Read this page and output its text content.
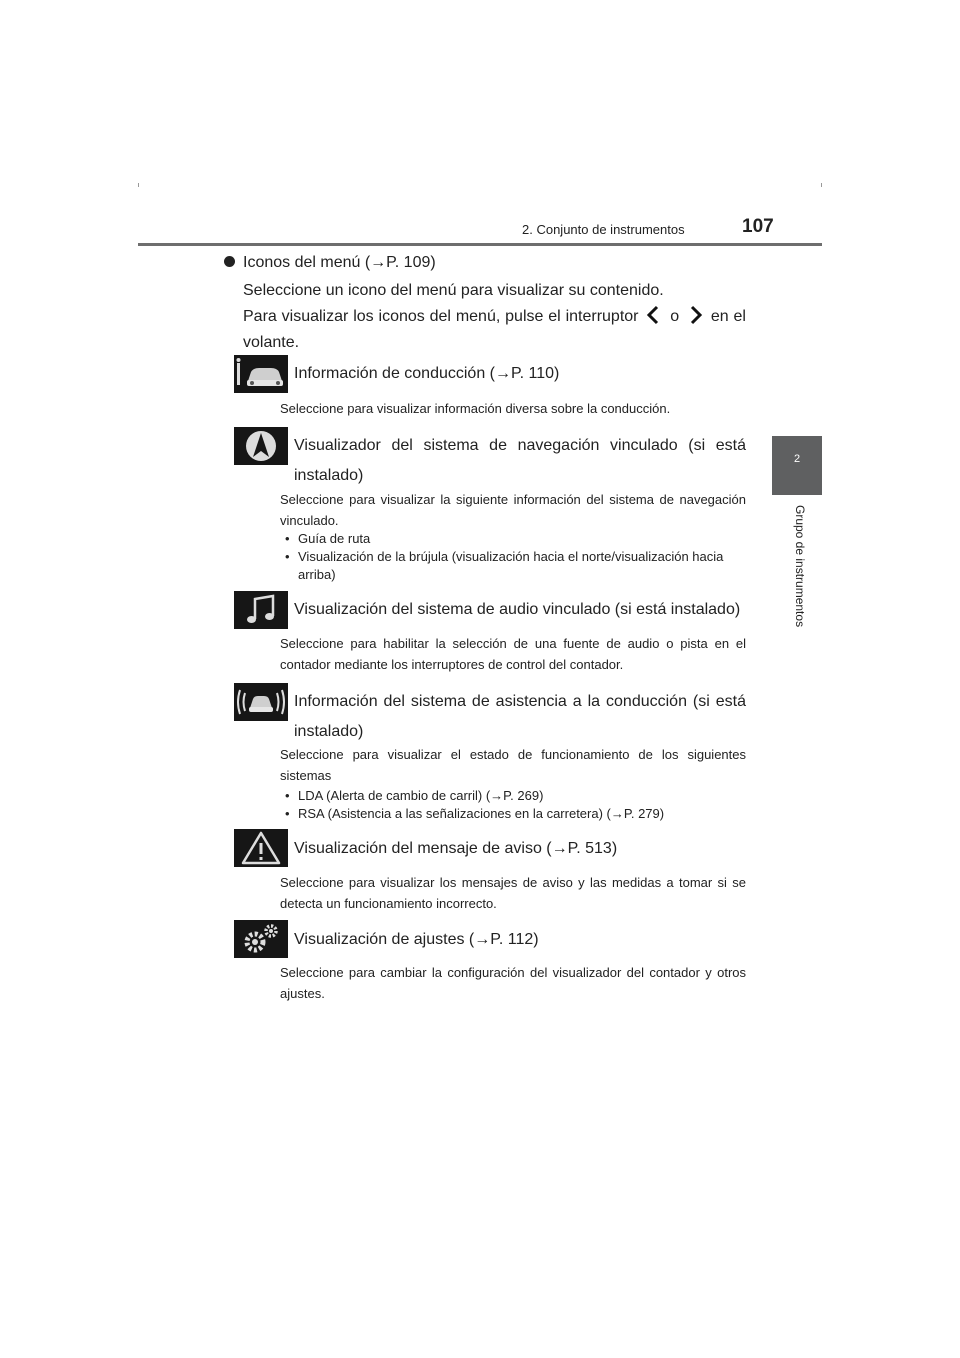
2. Conjunto de instrumentos	107
2
Grupo de instrumentos
Iconos del menú (→P. 109)
Seleccione un icono del menú para visualizar su contenido.
Para visualizar los iconos del menú, pulse el interruptor o en el volante.
Información de conducción (→P. 110)
Seleccione para visualizar información diversa sobre la conducción.
Visualizador del sistema de navegación vinculado (si está instalado)
Seleccione para visualizar la siguiente información del sistema de navegación vinculado.
• Guía de ruta
• Visualización de la brújula (visualización hacia el norte/visualización hacia arriba)
Visualización del sistema de audio vinculado (si está instalado)
Seleccione para habilitar la selección de una fuente de audio o pista en el contador mediante los interruptores de control del contador.
Información del sistema de asistencia a la conducción (si está instalado)
Seleccione para visualizar el estado de funcionamiento de los siguientes sistemas
• LDA (Alerta de cambio de carril) (→P. 269)
• RSA (Asistencia a las señalizaciones en la carretera) (→P. 279)
Visualización del mensaje de aviso (→P. 513)
Seleccione para visualizar los mensajes de aviso y las medidas a tomar si se detecta un funcionamiento incorrecto.
Visualización de ajustes (→P. 112)
Seleccione para cambiar la configuración del visualizador del contador y otros ajustes.
